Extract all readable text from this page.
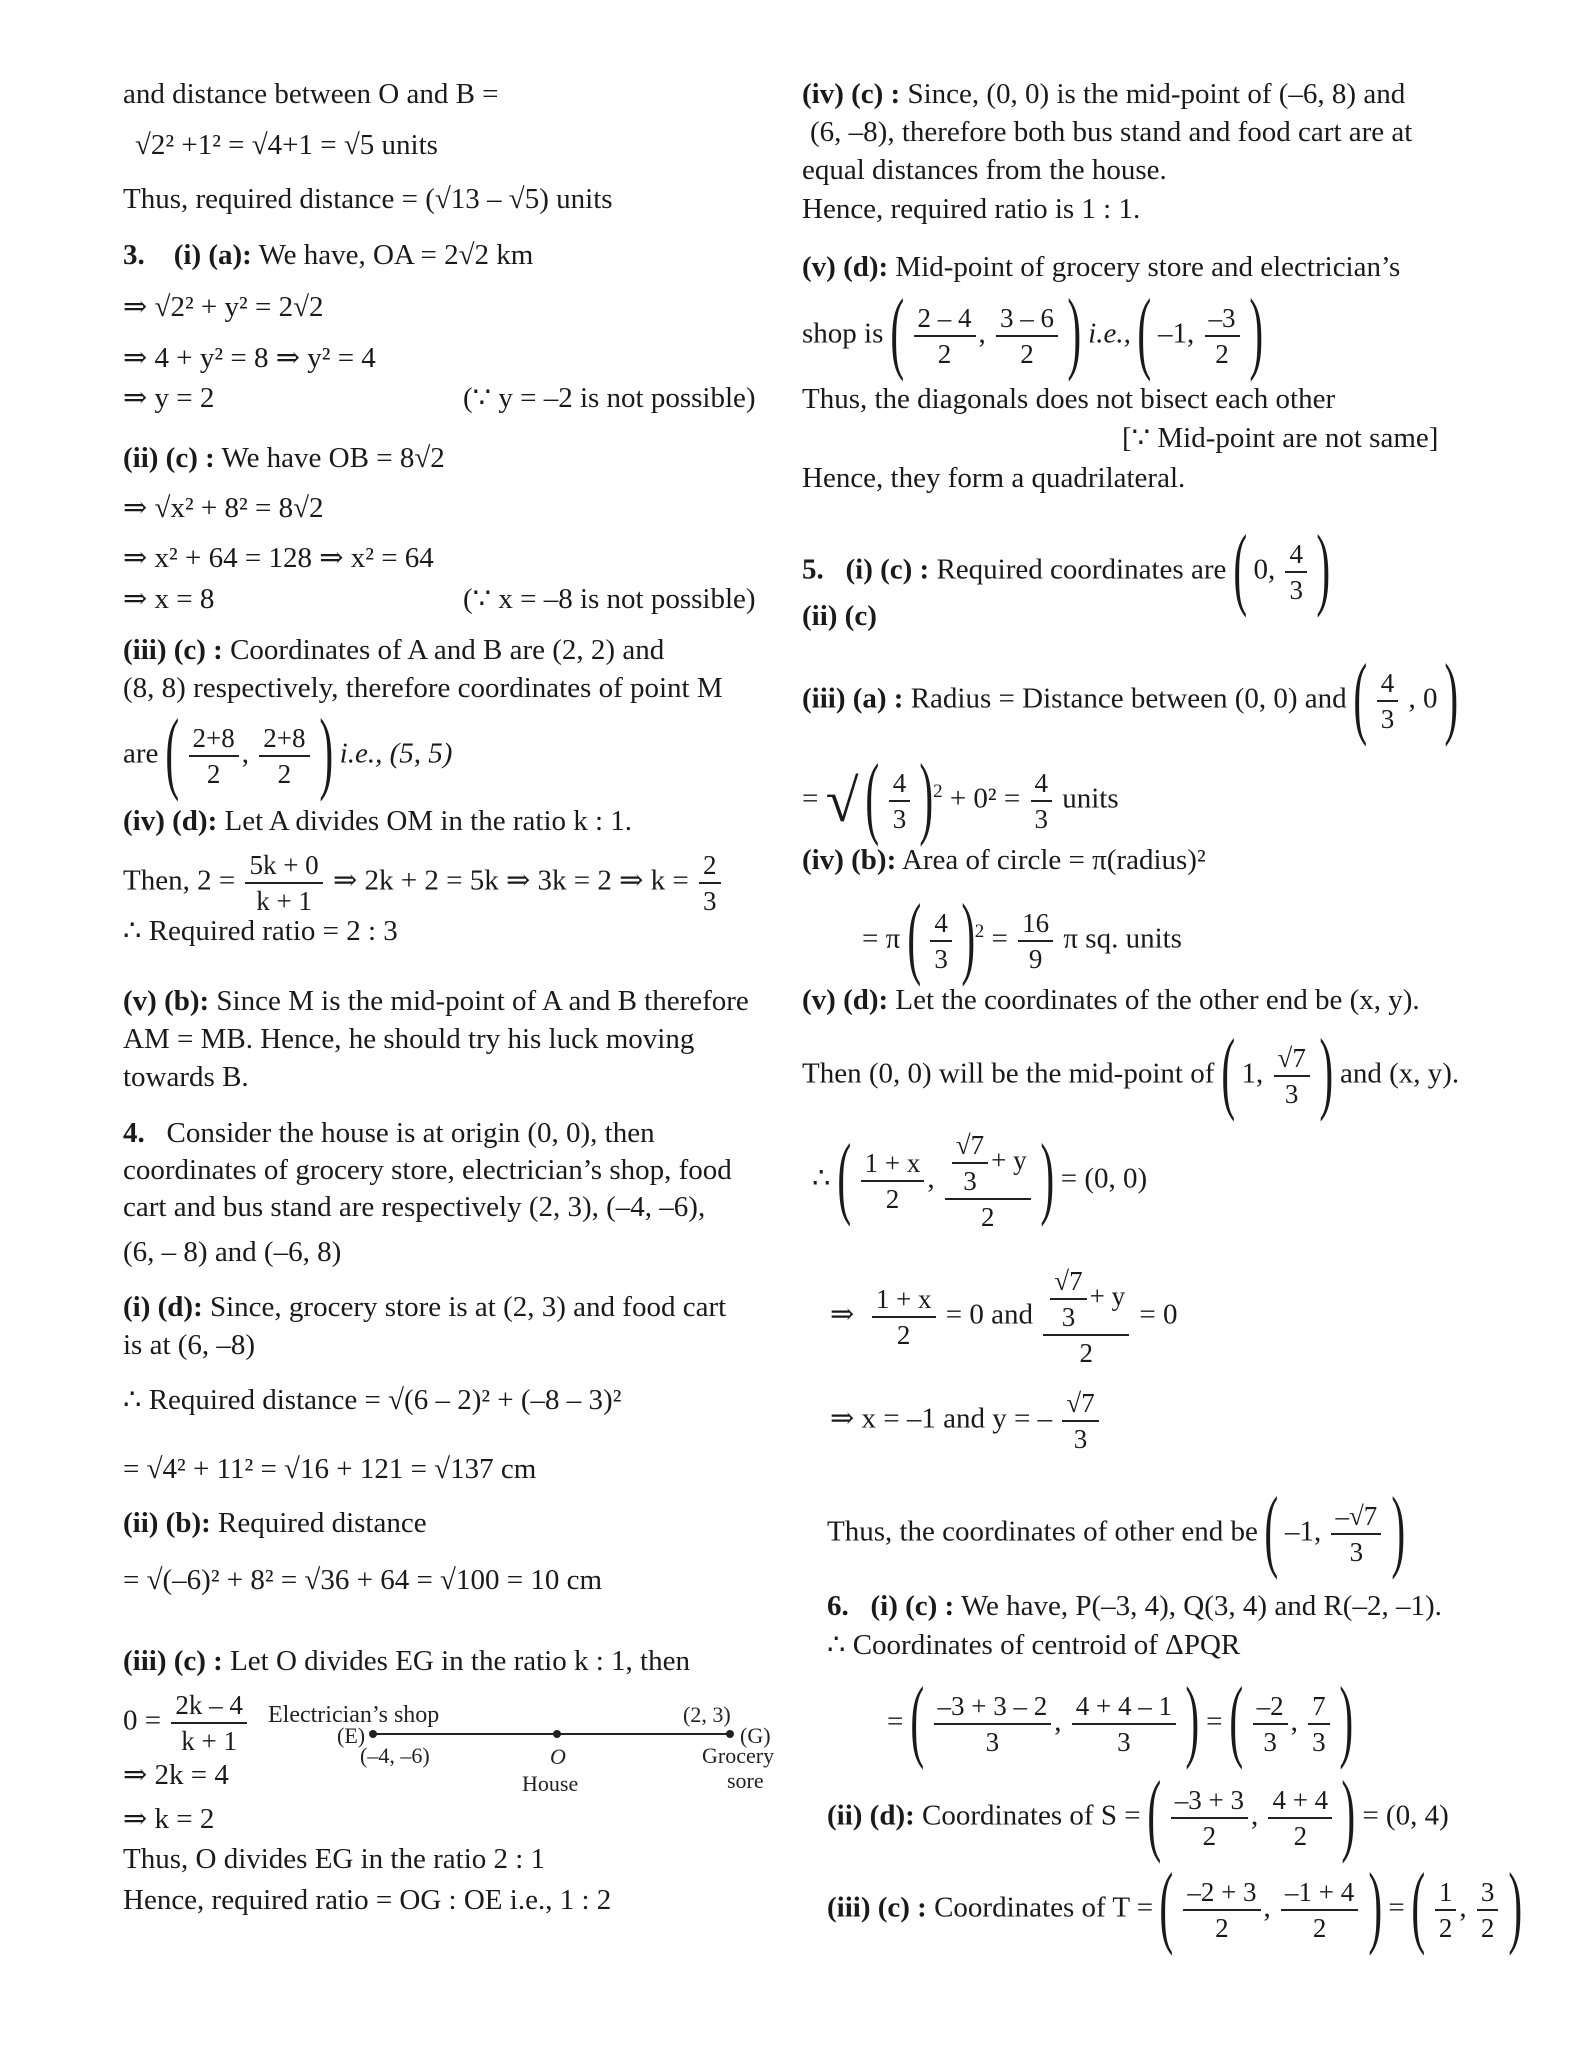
and distance between O and B =
√2² +1² = √4+1 = √5 units
Thus, required distance = (√13 – √5) units
3. (i) (a): We have, OA = 2√2 km
⇒ √2² + y² = 2√2
⇒ 4 + y² = 8 ⇒ y² = 4
⇒ y = 2	(∵ y = –2 is not possible)
(ii) (c) : We have OB = 8√2
⇒ √x² + 8² = 8√2
⇒ x² + 64 = 128 ⇒ x² = 64
⇒ x = 8	(∵ x = –8 is not possible)
(iii) (c) : Coordinates of A and B are (2, 2) and
(8, 8) respectively, therefore coordinates of point M
are ( $\frac{2+8}{2}$ , $\frac{2+8}{2}$ ) i.e., (5, 5)
(iv) (d): Let A divides OM in the ratio k : 1.
Then, $2 = \frac{5k + 0}{k + 1}$ ⇒ 2k + 2 = 5k ⇒ 3k = 2 ⇒ $k = \frac{2}{3}$
∴ Required ratio = 2 : 3
(v) (b): Since M is the mid-point of A and B therefore
AM = MB. Hence, he should try his luck moving
towards B.
4. Consider the house is at origin (0, 0), then
coordinates of grocery store, electrician’s shop, food
cart and bus stand are respectively (2, 3), (–4, –6),
(6, – 8) and (–6, 8)
(i) (d): Since, grocery store is at (2, 3) and food cart
is at (6, –8)
∴ Required distance = √(6 – 2)² + (–8 – 3)²
= √4² + 11² = √16 + 121 = √137 cm
(ii) (b): Required distance
= √(–6)² + 8² = √36 + 64 = √100 = 10 cm
(iii) (c) : Let O divides EG in the ratio k : 1, then
$0 = \frac{2k - 4}{k + 1}$ Electrician’s shop
(E)
(–4, –6)	O
House
(2, 3)
(G)
Grocery
sore
⇒ 2k = 4
⇒ k = 2
Thus, O divides EG in the ratio 2 : 1
Hence, required ratio = OG : OE i.e., 1 : 2
(iv) (c) : Since, (0, 0) is the mid-point of (–6, 8) and
(6, –8), therefore both bus stand and food cart are at
equal distances from the house.
Hence, required ratio is 1 : 1.
(v) (d): Mid-point of grocery store and electrician’s
shop is ( $\frac{2 - 4}{2}$ , $\frac{3 - 6}{2}$ ) i.e., ( –1, $\frac{-3}{2}$ )
Thus, the diagonals does not bisect each other
[∵ Mid-point are not same]
Hence, they form a quadrilateral.
5. (i) (c) : Required coordinates are ( 0, $\frac{4}{3}$ )
(ii) (c)
(iii) (a) : Radius = Distance between (0, 0) and ( $\frac{4}{3}$ , 0 )
= √ ( $\frac{4}{3} )^2 + 0^2 = \frac{4}{3}$ units
(iv) (b): Area of circle = π(radius)²
= π ( $\frac{4}{3} )^2 = \frac{16}{9}$ π sq. units
(v) (d): Let the coordinates of the other end be (x, y).
Then (0, 0) will be the mid-point of ( 1, $\frac{√7}{3}$ ) and (x, y).
∴ ( $\frac{1 + x}{2}$ , $\frac{\frac{√7}{3} + y}{2}$ ) = (0, 0)
⇒ $\frac{1 + x}{2} = 0$ and $\frac{\frac{√7}{3} + y}{2} = 0$
⇒ x = –1 and y = – $\frac{√7}{3}$
Thus, the coordinates of other end be ( –1, $\frac{-√7}{3}$ )
6. (i) (c) : We have, P(–3, 4), Q(3, 4) and R(–2, –1).
∴ Coordinates of centroid of ΔPQR
= ( $\frac{-3 + 3 - 2}{3}$ , $\frac{4 + 4 - 1}{3}$ ) = ( $\frac{-2}{3}$ , $\frac{7}{3}$ )
(ii) (d): Coordinates of S = ( $\frac{-3 + 3}{2}$ , $\frac{4 + 4}{2}$ ) = (0, 4)
(iii) (c) : Coordinates of T = ( $\frac{-2 + 3}{2}$ , $\frac{-1 + 4}{2}$ ) = ( $\frac{1}{2}$ , $\frac{3}{2}$ )
